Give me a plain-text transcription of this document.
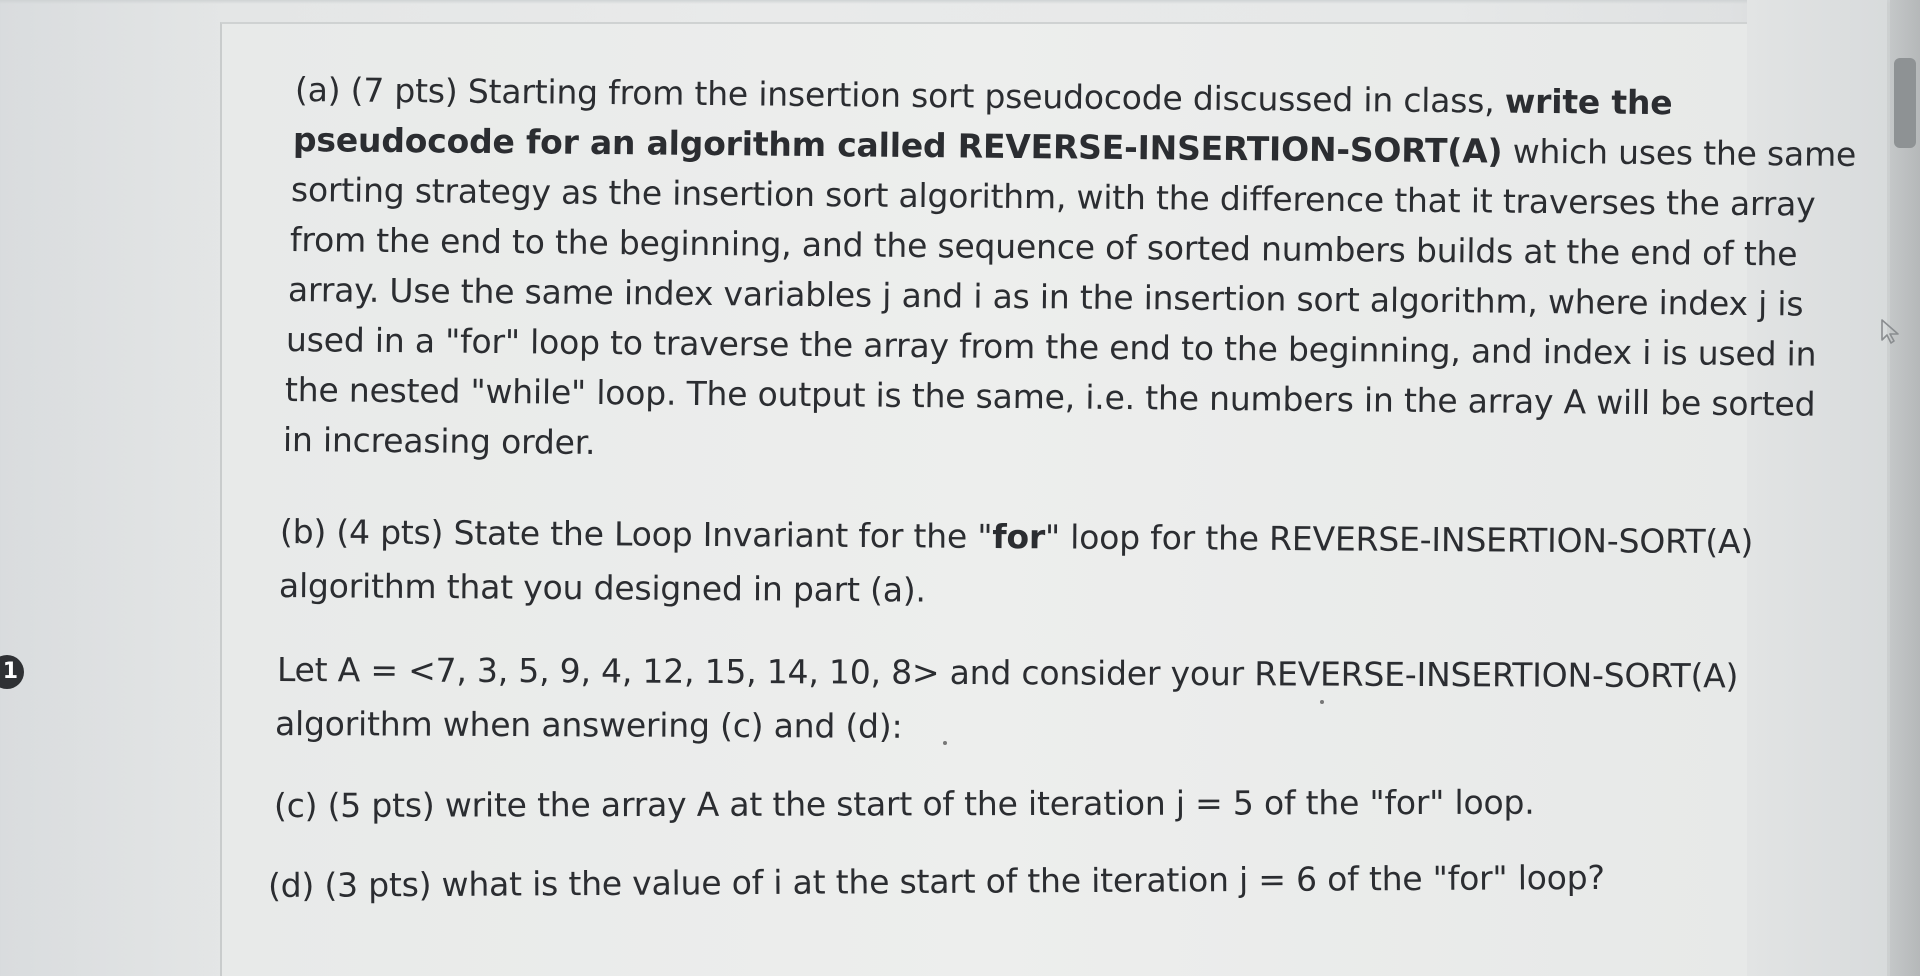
1
(a) (7 pts) Starting from the insertion sort pseudocode discussed in class, write the
pseudocode for an algorithm called REVERSE-INSERTION-SORT(A) which uses the same
sorting strategy as the insertion sort algorithm, with the difference that it traverses the array
from the end to the beginning, and the sequence of sorted numbers builds at the end of the
array. Use the same index variables j and i as in the insertion sort algorithm, where index j is
used in a "for" loop to traverse the array from the end to the beginning, and index i is used in
the nested "while" loop. The output is the same, i.e. the numbers in the array A will be sorted
in increasing order.
(b) (4 pts) State the Loop Invariant for the "for" loop for the REVERSE-INSERTION-SORT(A)
algorithm that you designed in part (a).
Let A = <7, 3, 5, 9, 4, 12, 15, 14, 10, 8> and consider your REVERSE-INSERTION-SORT(A)
algorithm when answering (c) and (d):
(c) (5 pts) write the array A at the start of the iteration j = 5 of the "for" loop.
(d) (3 pts) what is the value of i at the start of the iteration j = 6 of the "for" loop?
